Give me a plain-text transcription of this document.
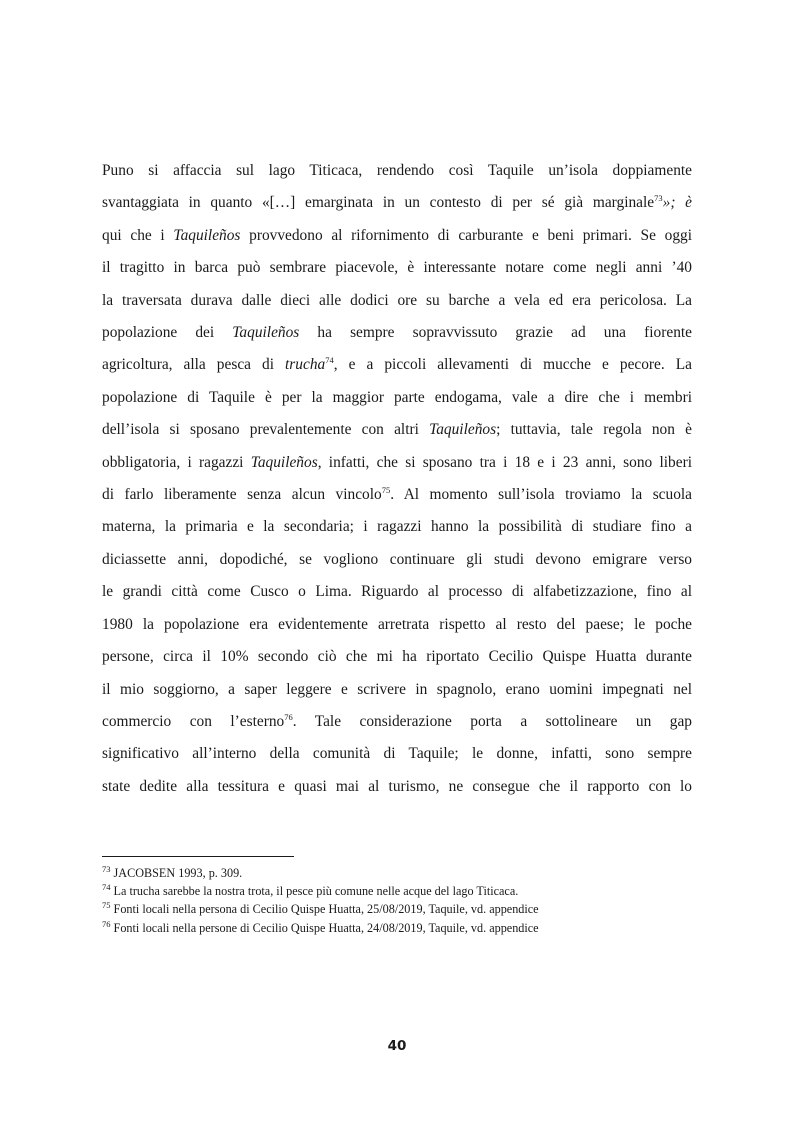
Puno si affaccia sul lago Titicaca, rendendo così Taquile un’isola doppiamente
svantaggiata in quanto «[…] emarginata in un contesto di per sé già marginale$^{73}$»; è
qui che i Taquileños provvedono al rifornimento di carburante e beni primari. Se oggi
il tragitto in barca può sembrare piacevole, è interessante notare come negli anni ’40
la traversata durava dalle dieci alle dodici ore su barche a vela ed era pericolosa. La
popolazione dei Taquileños ha sempre sopravvissuto grazie ad una fiorente
agricoltura, alla pesca di trucha$^{74}$, e a piccoli allevamenti di mucche e pecore. La
popolazione di Taquile è per la maggior parte endogama, vale a dire che i membri
dell’isola si sposano prevalentemente con altri Taquileños; tuttavia, tale regola non è
obbligatoria, i ragazzi Taquileños, infatti, che si sposano tra i 18 e i 23 anni, sono liberi
di farlo liberamente senza alcun vincolo$^{75}$. Al momento sull’isola troviamo la scuola
materna, la primaria e la secondaria; i ragazzi hanno la possibilità di studiare fino a
diciassette anni, dopodiché, se vogliono continuare gli studi devono emigrare verso
le grandi città come Cusco o Lima. Riguardo al processo di alfabetizzazione, fino al
1980 la popolazione era evidentemente arretrata rispetto al resto del paese; le poche
persone, circa il 10% secondo ciò che mi ha riportato Cecilio Quispe Huatta durante
il mio soggiorno, a saper leggere e scrivere in spagnolo, erano uomini impegnati nel
commercio con l’esterno$^{76}$. Tale considerazione porta a sottolineare un gap
significativo all’interno della comunità di Taquile; le donne, infatti, sono sempre
state dedite alla tessitura e quasi mai al turismo, ne consegue che il rapporto con lo
$^{73}$ JACOBSEN 1993, p. 309.
$^{74}$ La trucha sarebbe la nostra trota, il pesce più comune nelle acque del lago Titicaca.
$^{75}$ Fonti locali nella persona di Cecilio Quispe Huatta, 25/08/2019, Taquile, vd. appendice
$^{76}$ Fonti locali nella persone di Cecilio Quispe Huatta, 24/08/2019, Taquile, vd. appendice
40
